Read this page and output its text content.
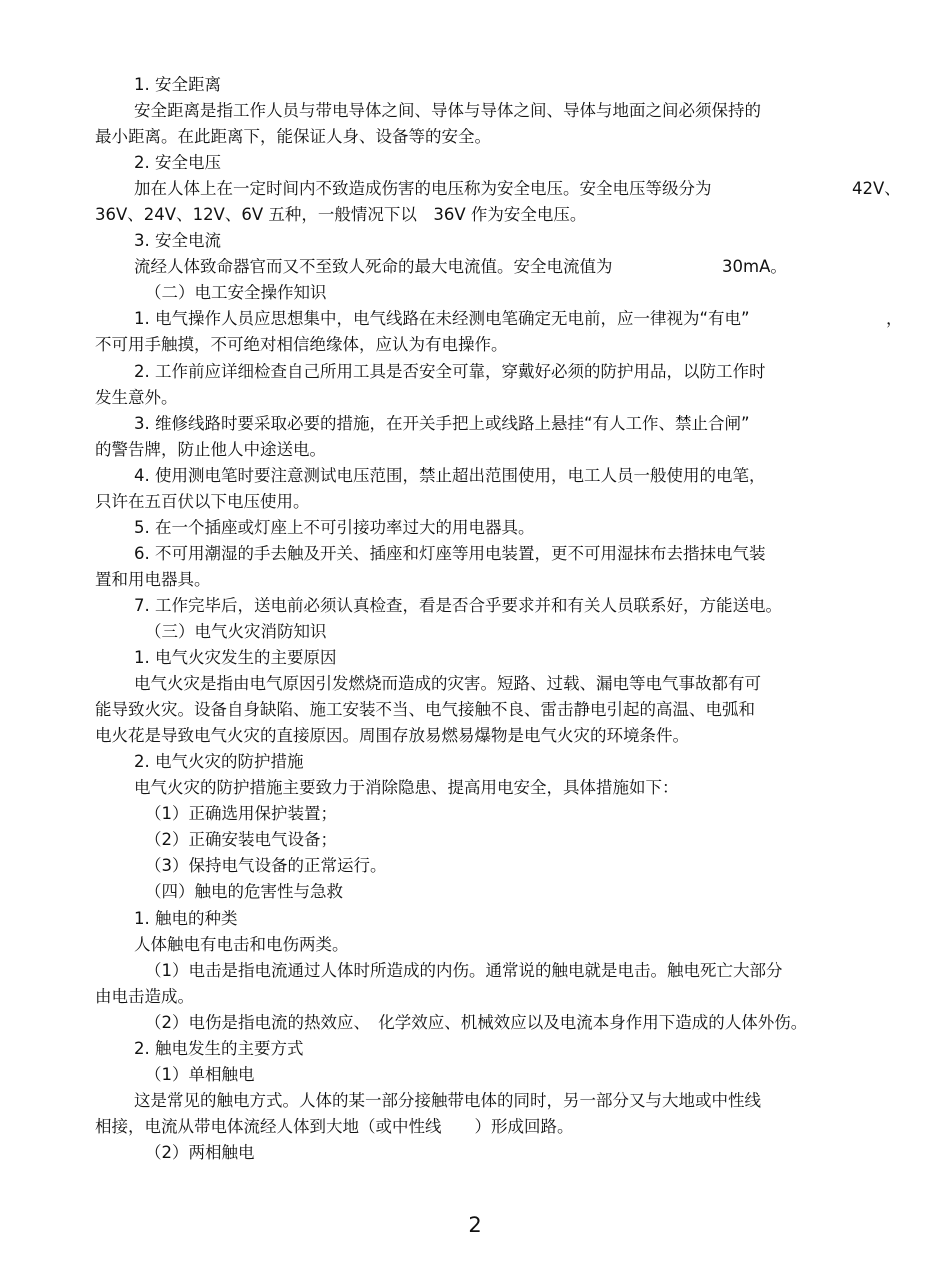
1. 安全距离
安全距离是指工作人员与带电导体之间、导体与导体之间、导体与地面之间必须保持的
最小距离。在此距离下，能保证人身、设备等的安全。
2. 安全电压
加在人体上在一定时间内不致造成伤害的电压称为安全电压。安全电压等级分为	42V、
36V、24V、12V、6V 五种，一般情况下以　36V 作为安全电压。
3. 安全电流
流经人体致命器官而又不至致人死命的最大电流值。安全电流值为	30mA。
（二）电工安全操作知识
1. 电气操作人员应思想集中，电气线路在未经测电笔确定无电前，应一律视为“有电”	，
不可用手触摸，不可绝对相信绝缘体，应认为有电操作。
2. 工作前应详细检查自己所用工具是否安全可靠，穿戴好必须的防护用品，以防工作时
发生意外。
3. 维修线路时要采取必要的措施，在开关手把上或线路上悬挂“有人工作、禁止合闸”
的警告牌，防止他人中途送电。
4. 使用测电笔时要注意测试电压范围，禁止超出范围使用，电工人员一般使用的电笔，
只许在五百伏以下电压使用。
5. 在一个插座或灯座上不可引接功率过大的用电器具。
6. 不可用潮湿的手去触及开关、插座和灯座等用电装置，更不可用湿抹布去揩抹电气装
置和用电器具。
7. 工作完毕后，送电前必须认真检查，看是否合乎要求并和有关人员联系好，方能送电。
（三）电气火灾消防知识
1. 电气火灾发生的主要原因
电气火灾是指由电气原因引发燃烧而造成的灾害。短路、过载、漏电等电气事故都有可
能导致火灾。设备自身缺陷、施工安装不当、电气接触不良、雷击静电引起的高温、电弧和
电火花是导致电气火灾的直接原因。周围存放易燃易爆物是电气火灾的环境条件。
2. 电气火灾的防护措施
电气火灾的防护措施主要致力于消除隐患、提高用电安全，具体措施如下：
（1）正确选用保护装置；
（2）正确安装电气设备；
（3）保持电气设备的正常运行。
（四）触电的危害性与急救
1. 触电的种类
人体触电有电击和电伤两类。
（1）电击是指电流通过人体时所造成的内伤。通常说的触电就是电击。触电死亡大部分
由电击造成。
（2）电伤是指电流的热效应、　化学效应、机械效应以及电流本身作用下造成的人体外伤。
2. 触电发生的主要方式
（1）单相触电
这是常见的触电方式。人体的某一部分接触带电体的同时，另一部分又与大地或中性线
相接，电流从带电体流经人体到大地（或中性线　　）形成回路。
（2）两相触电
2
